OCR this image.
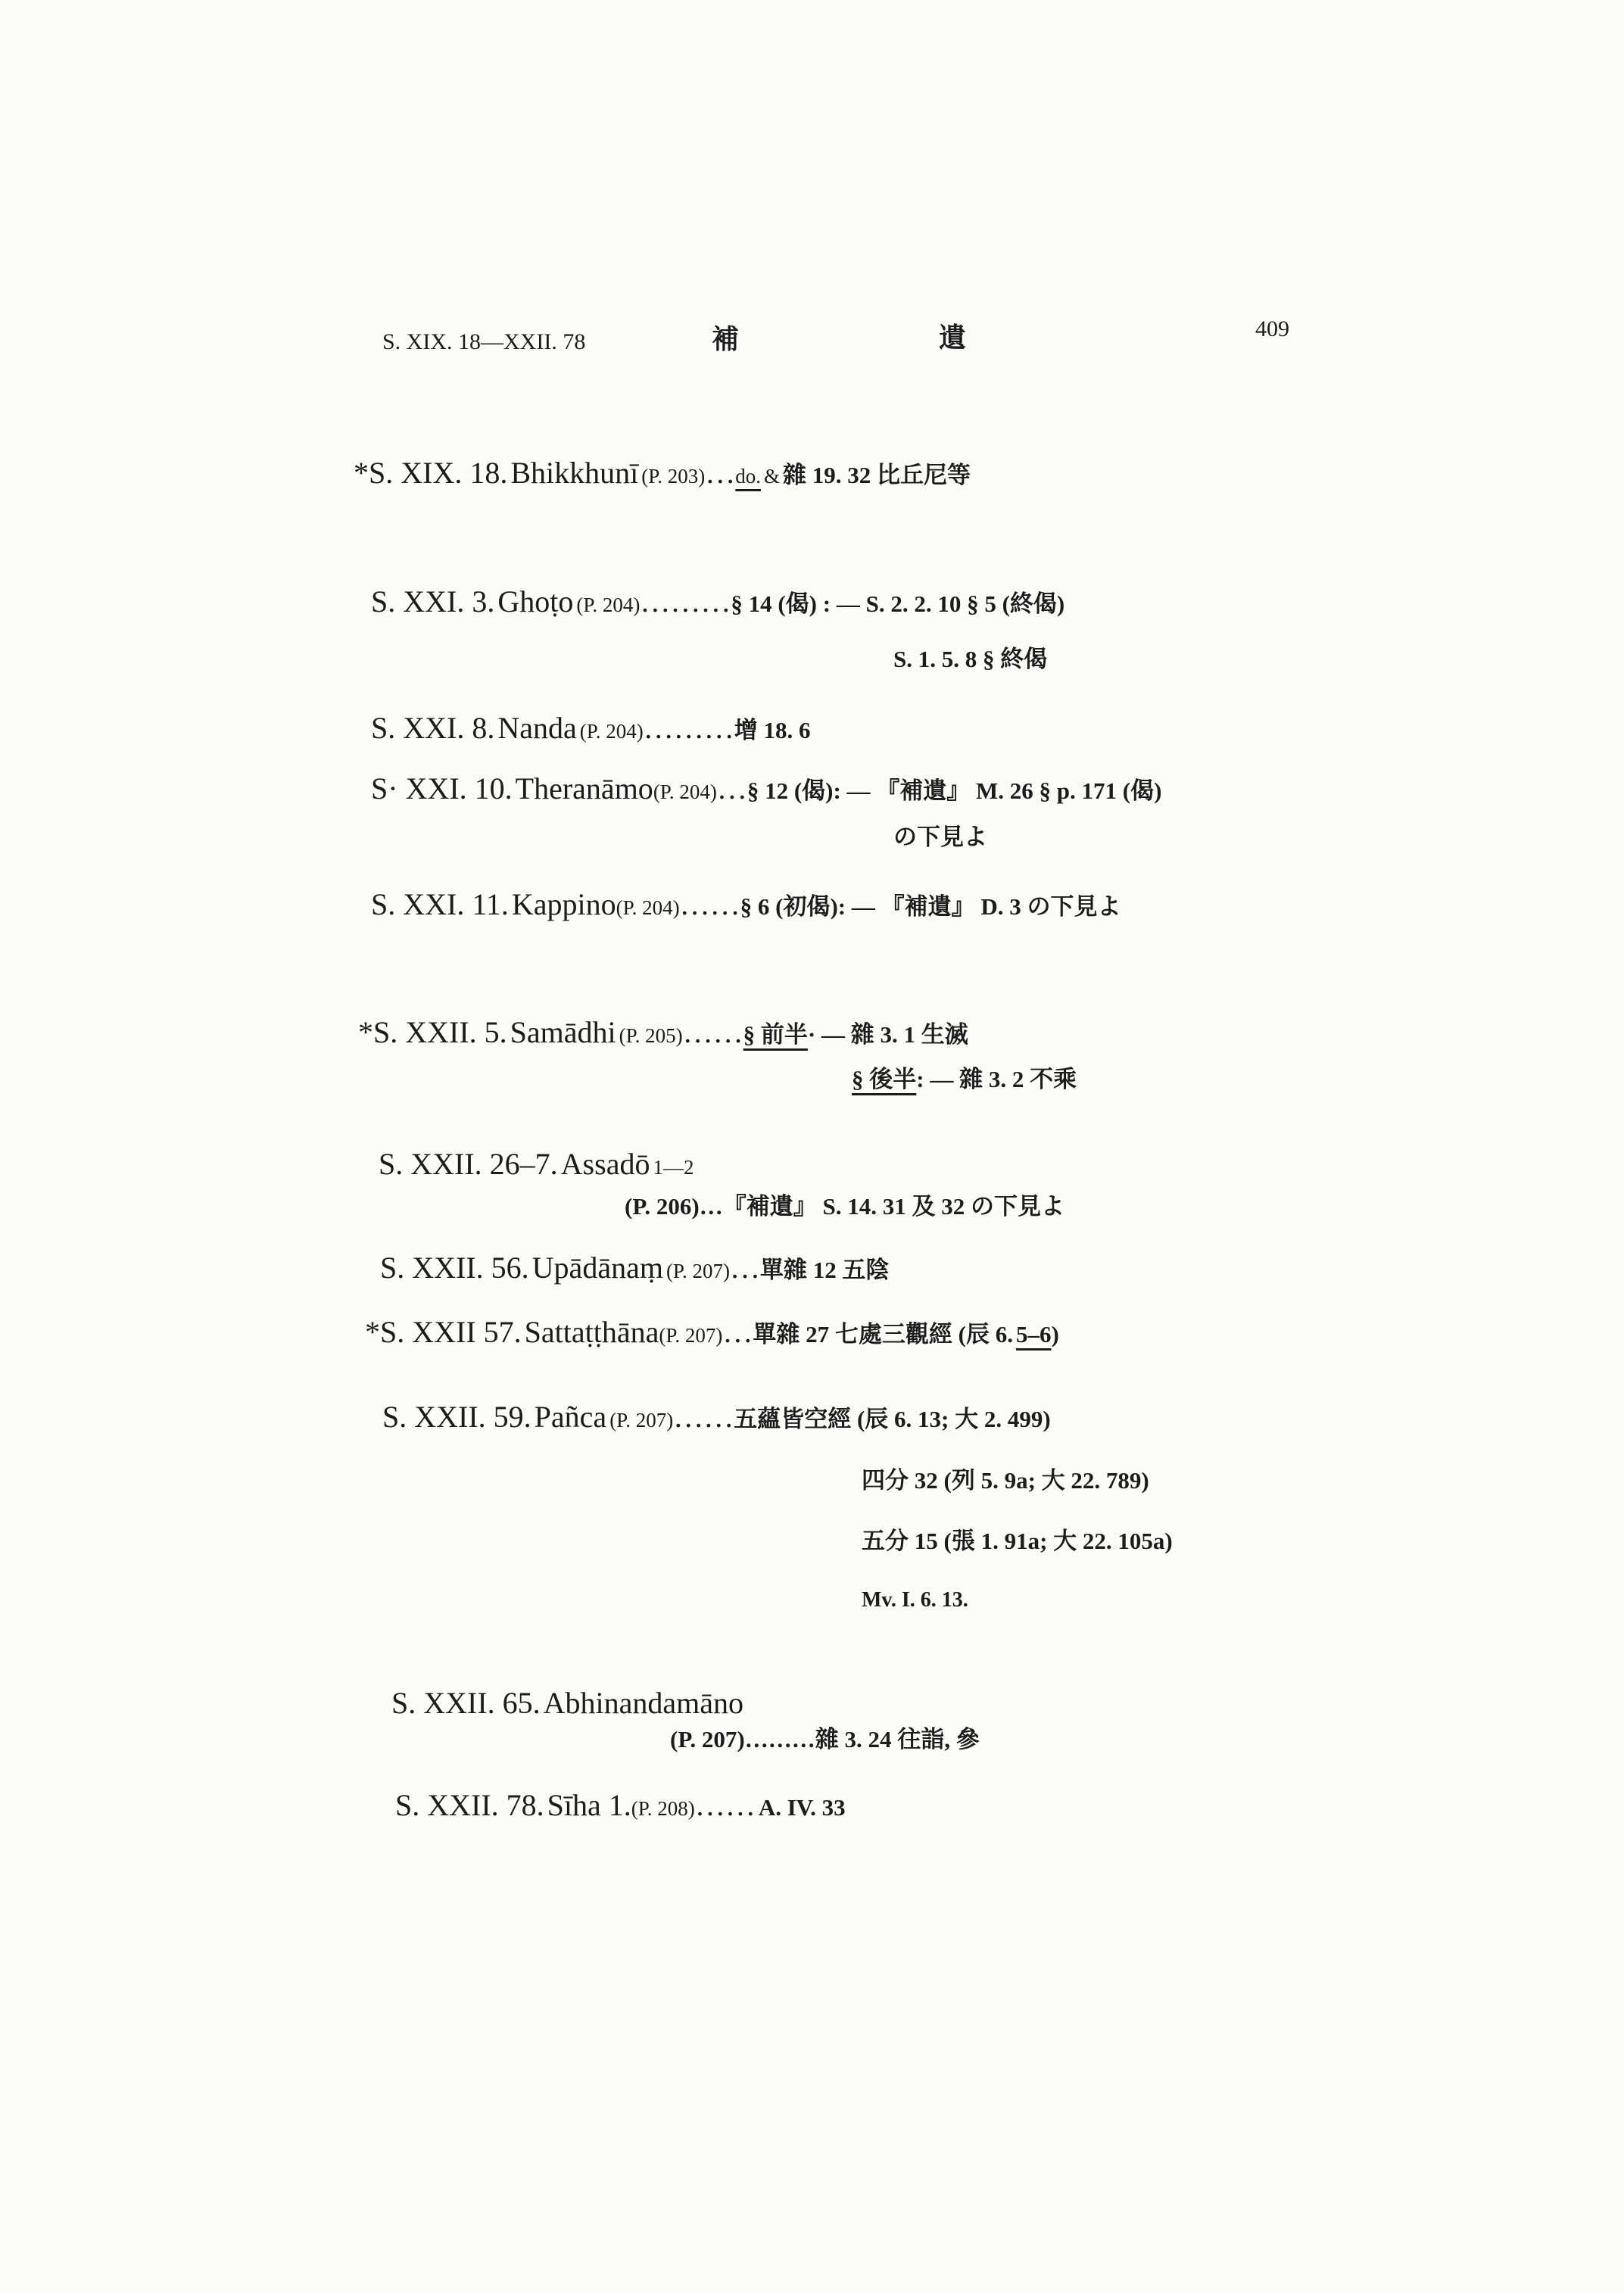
S. XIX. 18—XXII. 78	補	遺	409
*S. XIX. 18. Bhikkhunī (P. 203)…do. & 雜 19. 32 比丘尼等
S. XXI. 3. Ghoṭo (P. 204)………§ 14 (偈) : — S. 2. 2. 10 § 5 (終偈)
S. 1. 5. 8 § 終偈
S. XXI. 8. Nanda (P. 204)………增 18. 6
S· XXI. 10. Theranāmo(P. 204)…§ 12 (偈): — 『補遺』 M. 26 § p. 171 (偈)
の下見よ
S. XXI. 11. Kappino(P. 204)……§ 6 (初偈): — 『補遺』 D. 3 の下見よ
*S. XXII. 5. Samādhi (P. 205)……§ 前半· — 雜 3. 1 生滅
§ 後半: — 雜 3. 2 不乘
S. XXII. 26–7. Assadō 1—2
(P. 206)…『補遺』 S. 14. 31 及 32 の下見よ
S. XXII. 56. Upādānaṃ (P. 207)…單雜 12 五陰
*S. XXII 57. Sattaṭṭhāna(P. 207)…單雜 27 七處三觀經 (辰 6. 5–6)
S. XXII. 59. Pañca (P. 207)……五蘊皆空經 (辰 6. 13; 大 2. 499)
四分 32 (列 5. 9a; 大 22. 789)
五分 15 (張 1. 91a; 大 22. 105a)
Mv. I. 6. 13.
S. XXII. 65. Abhinandamāno
(P. 207)………雜 3. 24 往詣, 參
S. XXII. 78. Sīha 1.(P. 208)…… A. IV. 33
